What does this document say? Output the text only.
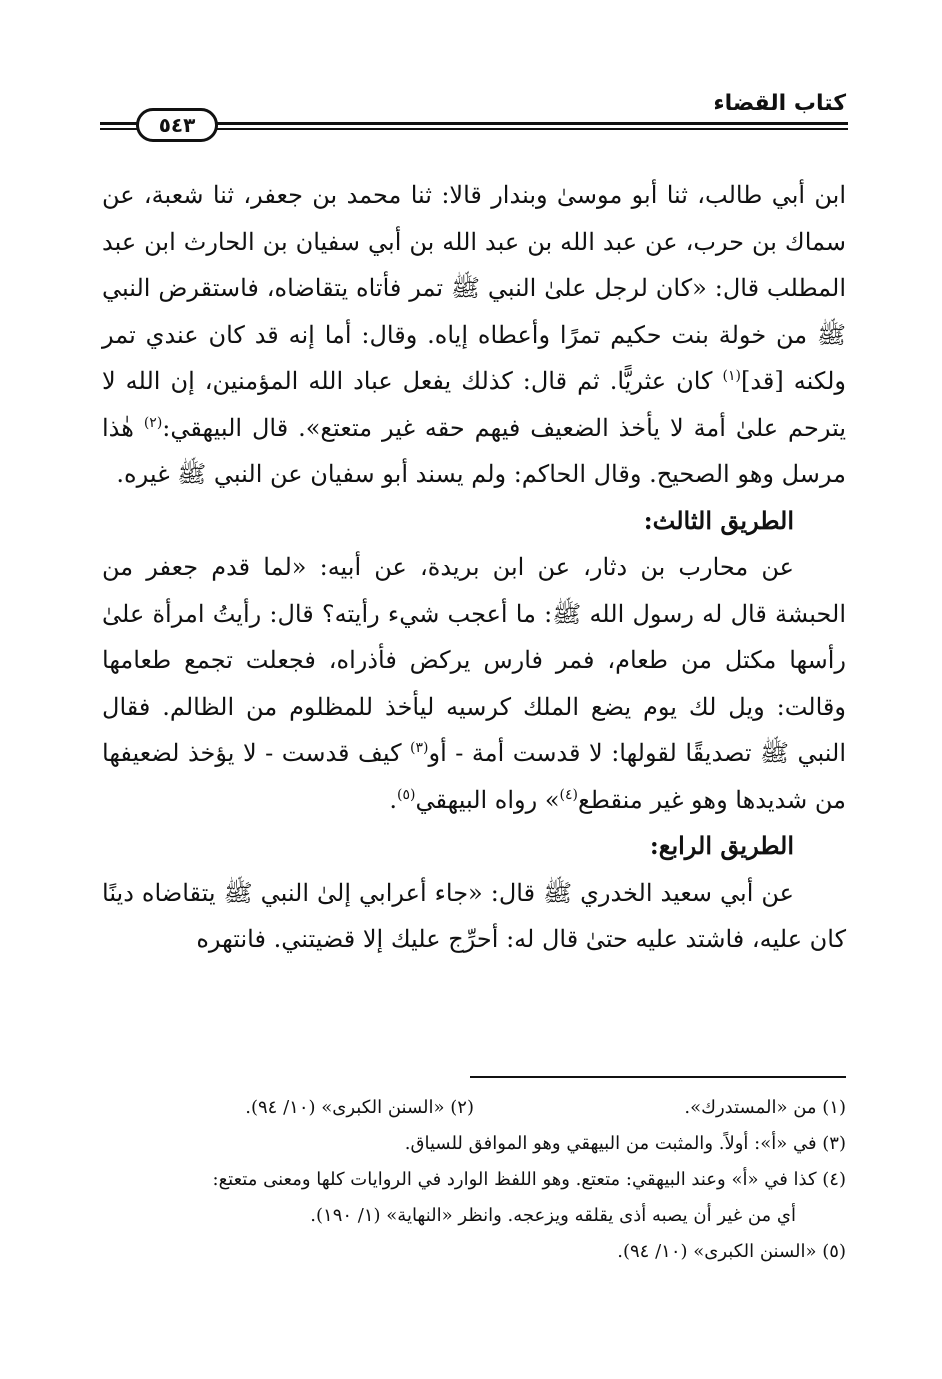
كتاب القضاء
٥٤٣

ابن أبي طالب، ثنا أبو موسىٰ وبندار قالا: ثنا محمد بن جعفر، ثنا شعبة، عن سماك بن حرب، عن عبد الله بن عبد الله بن أبي سفيان بن الحارث ابن عبد المطلب قال: «كان لرجل علىٰ النبي ﷺ تمر فأتاه يتقاضاه، فاستقرض النبي ﷺ من خولة بنت حكيم تمرًا وأعطاه إياه. وقال: أما إنه قد كان عندي تمر ولكنه [قد]$^{(١)}$ كان عثريًّا. ثم قال: كذلك يفعل عباد الله المؤمنين، إن الله لا يترحم علىٰ أمة لا يأخذ الضعيف فيهم حقه غير متعتع». قال البيهقي:$^{(٢)}$ هٰذا مرسل وهو الصحيح. وقال الحاكم: ولم يسند أبو سفيان عن النبي ﷺ غيره.

الطريق الثالث:

عن محارب بن دثار، عن ابن بريدة، عن أبيه: «لما قدم جعفر من الحبشة قال له رسول الله ﷺ: ما أعجب شيء رأيته؟ قال: رأيتُ امرأة علىٰ رأسها مكتل من طعام، فمر فارس يركض فأذراه، فجعلت تجمع طعامها وقالت: ويل لك يوم يضع الملك كرسيه ليأخذ للمظلوم من الظالم. فقال النبي ﷺ تصديقًا لقولها: لا قدست أمة - أو$^{(٣)}$ كيف قدست - لا يؤخذ لضعيفها من شديدها وهو غير منقطع$^{(٤)}$» رواه البيهقي$^{(٥)}$.

الطريق الرابع:

عن أبي سعيد الخدري ﷺ قال: «جاء أعرابي إلىٰ النبي ﷺ يتقاضاه دينًا كان عليه، فاشتد عليه حتىٰ قال له: أحرِّج عليك إلا قضيتني. فانتهره

(١) من «المستدرك».
(٢) «السنن الكبرى» (١٠/ ٩٤).
(٣) في «أ»: أولاً. والمثبت من البيهقي وهو الموافق للسياق.
(٤) كذا في «أ» وعند البيهقي: متعتع. وهو اللفظ الوارد في الروايات كلها ومعنى متعتع:
أي من غير أن يصبه أذى يقلقه ويزعجه. وانظر «النهاية» (١/ ١٩٠).
(٥) «السنن الكبرى» (١٠/ ٩٤).
